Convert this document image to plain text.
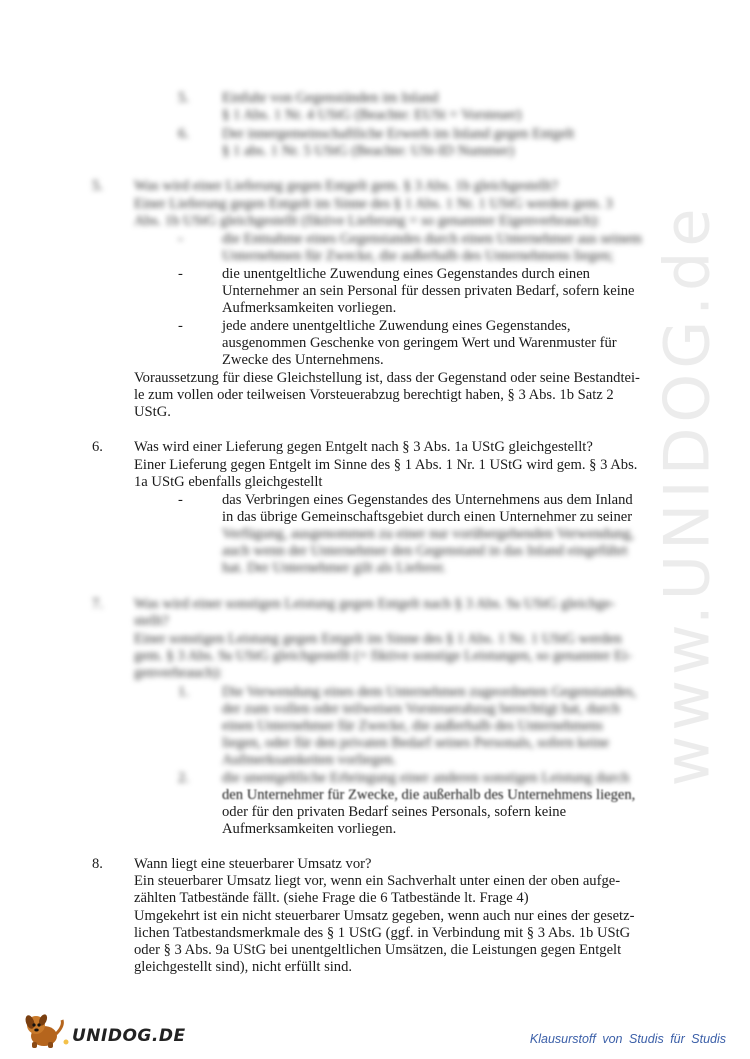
www.UNIDOG.de
5. Einfuhr von Gegenständen im Inland
§ 1 Abs. 1 Nr. 4 UStG (Beachte: EUSt = Vorsteuer)
6. Der innergemeinschaftliche Erwerb im Inland gegen Entgelt
§ 1 abs. 1 Nr. 5 UStG (Beachte: USt-ID Nummer)
5. Was wird einer Lieferung gegen Entgelt gem. § 3 Abs. 1b gleichgestellt?
Einer Lieferung gegen Entgelt im Sinne des § 1 Abs. 1 Nr. 1 UStG werden gem. 3
Abs. 1b UStG gleichgestellt (fiktive Lieferung = so genannter Eigenverbrauch):
-	die Entnahme eines Gegenstandes durch einen Unternehmer aus seinem
Unternehmen für Zwecke, die außerhalb des Unternehmens liegen;
-	die unentgeltliche Zuwendung eines Gegenstandes durch einen
Unternehmer an sein Personal für dessen privaten Bedarf, sofern keine
Aufmerksamkeiten vorliegen.
-	jede andere unentgeltliche Zuwendung eines Gegenstandes,
ausgenommen Geschenke von geringem Wert und Warenmuster für
Zwecke des Unternehmens.
Voraussetzung für diese Gleichstellung ist, dass der Gegenstand oder seine Bestandtei-
le zum vollen oder teilweisen Vorsteuerabzug berechtigt haben, § 3 Abs. 1b Satz 2
UStG.
6. Was wird einer Lieferung gegen Entgelt nach § 3 Abs. 1a UStG gleichgestellt?
Einer Lieferung gegen Entgelt im Sinne des § 1 Abs. 1 Nr. 1 UStG wird gem. § 3 Abs.
1a UStG ebenfalls gleichgestellt
-	das Verbringen eines Gegenstandes des Unternehmens aus dem Inland
in das übrige Gemeinschaftsgebiet durch einen Unternehmer zu seiner
Verfügung, ausgenommen zu einer nur vorübergehenden Verwendung,
auch wenn der Unternehmer den Gegenstand in das Inland eingeführt
hat. Der Unternehmer gilt als Lieferer.
7. Was wird einer sonstigen Leistung gegen Entgelt nach § 3 Abs. 9a UStG gleichge-
stellt?
Einer sonstigen Leistung gegen Entgelt im Sinne des § 1 Abs. 1 Nr. 1 UStG werden
gem. § 3 Abs. 9a UStG gleichgestellt (= fiktive sonstige Leistungen, so genannter Ei-
genverbrauch):
1. Die Verwendung eines dem Unternehmen zugeordneten Gegenstandes,
der zum vollen oder teilweisen Vorsteuerabzug berechtigt hat, durch
einen Unternehmer für Zwecke, die außerhalb des Unternehmens
liegen, oder für den privaten Bedarf seines Personals, sofern keine
Aufmerksamkeiten vorliegen.
2. die unentgeltliche Erbringung einer anderen sonstigen Leistung durch
den Unternehmer für Zwecke, die außerhalb des Unternehmens liegen,
oder für den privaten Bedarf seines Personals, sofern keine
Aufmerksamkeiten vorliegen.
8. Wann liegt eine steuerbarer Umsatz vor?
Ein steuerbarer Umsatz liegt vor, wenn ein Sachverhalt unter einen der oben aufge-
zählten Tatbestände fällt. (siehe Frage die 6 Tatbestände lt. Frage 4)
Umgekehrt ist ein nicht steuerbarer Umsatz gegeben, wenn auch nur eines der gesetz-
lichen Tatbestandsmerkmale des § 1 UStG (ggf. in Verbindung mit § 3 Abs. 1b UStG
oder § 3 Abs. 9a UStG bei unentgeltlichen Umsätzen, die Leistungen gegen Entgelt
gleichgestellt sind), nicht erfüllt sind.
UNIDOG.DE	Klausurstoff von Studis für Studis
